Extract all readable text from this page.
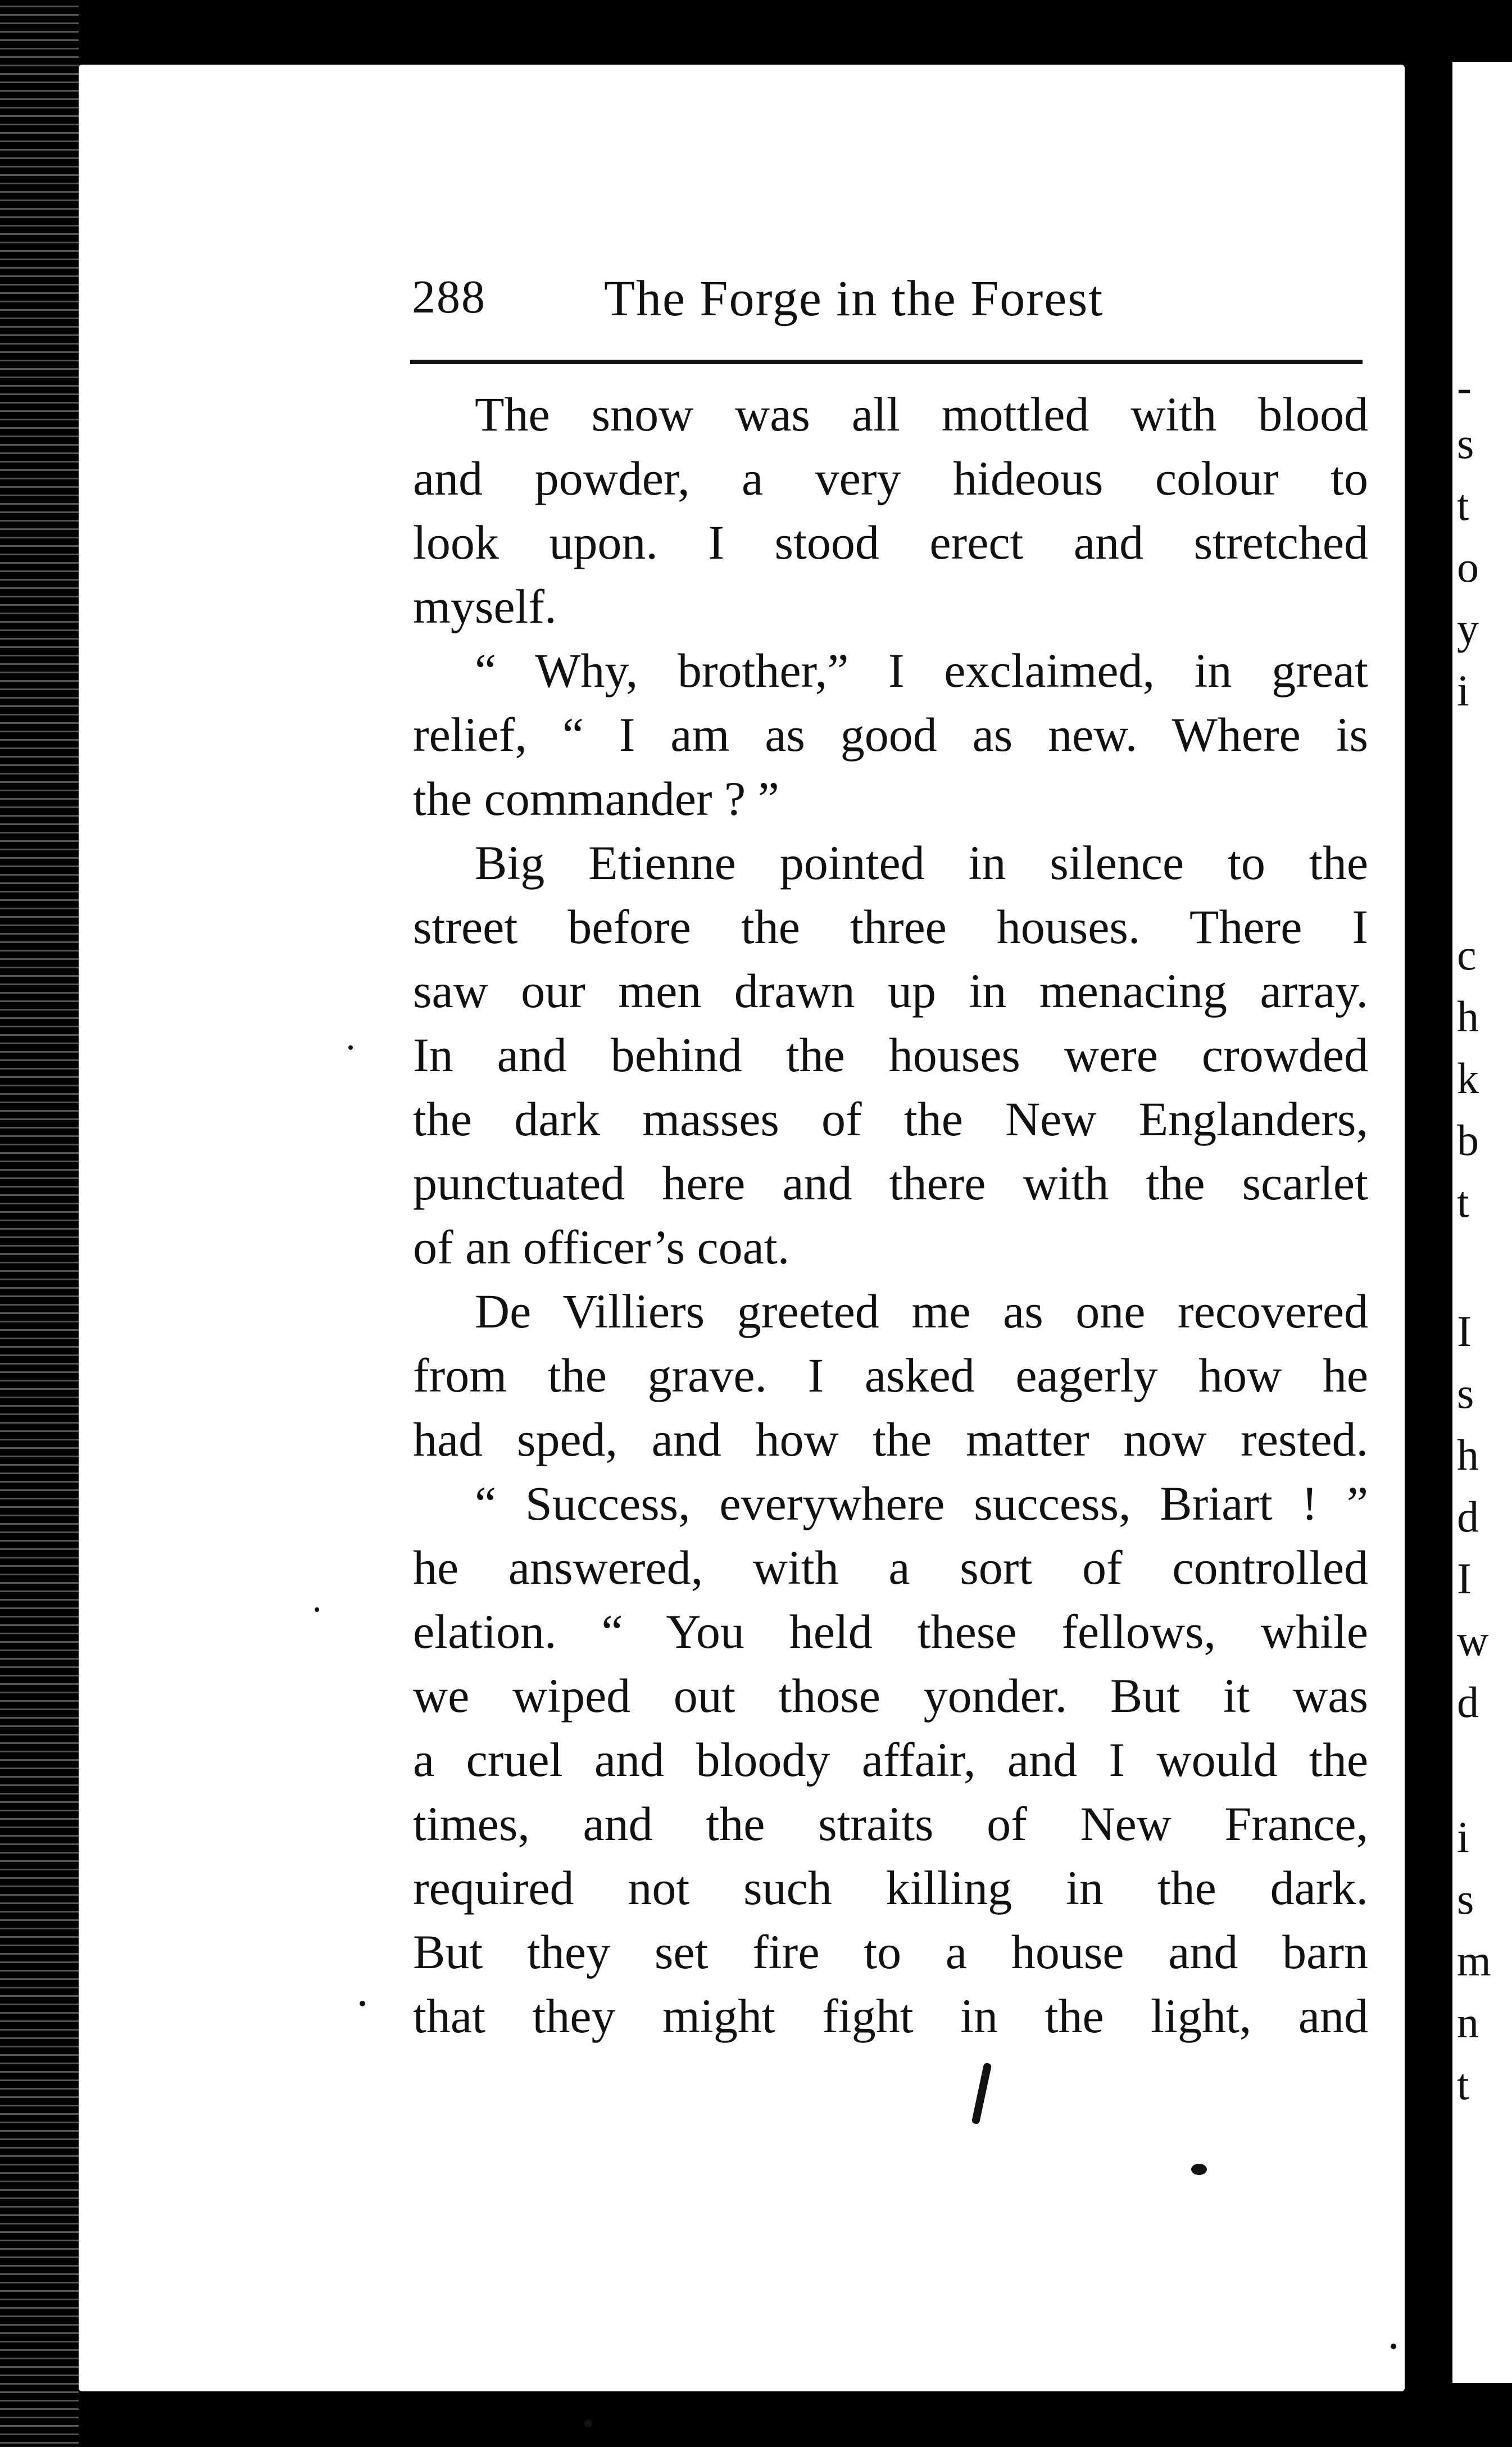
-
s
t
o
y
i
c
h
k
b
t
I
s
h
d
I
w
d
i
s
m
n
t
288 The Forge in the Forest
The snow was all mottled with blood
and powder, a very hideous colour to
look upon. I stood erect and stretched
myself.
“ Why, brother,” I exclaimed, in great
relief, “ I am as good as new. Where is
the commander ? ”
Big Etienne pointed in silence to the
street before the three houses. There I
saw our men drawn up in menacing array.
In and behind the houses were crowded
the dark masses of the New Englanders,
punctuated here and there with the scarlet
of an officer’s coat.
De Villiers greeted me as one recovered
from the grave. I asked eagerly how he
had sped, and how the matter now rested.
“ Success, everywhere success, Briart ! ”
he answered, with a sort of controlled
elation. “ You held these fellows, while
we wiped out those yonder. But it was
a cruel and bloody affair, and I would the
times, and the straits of New France,
required not such killing in the dark.
But they set fire to a house and barn
that they might fight in the light, and
